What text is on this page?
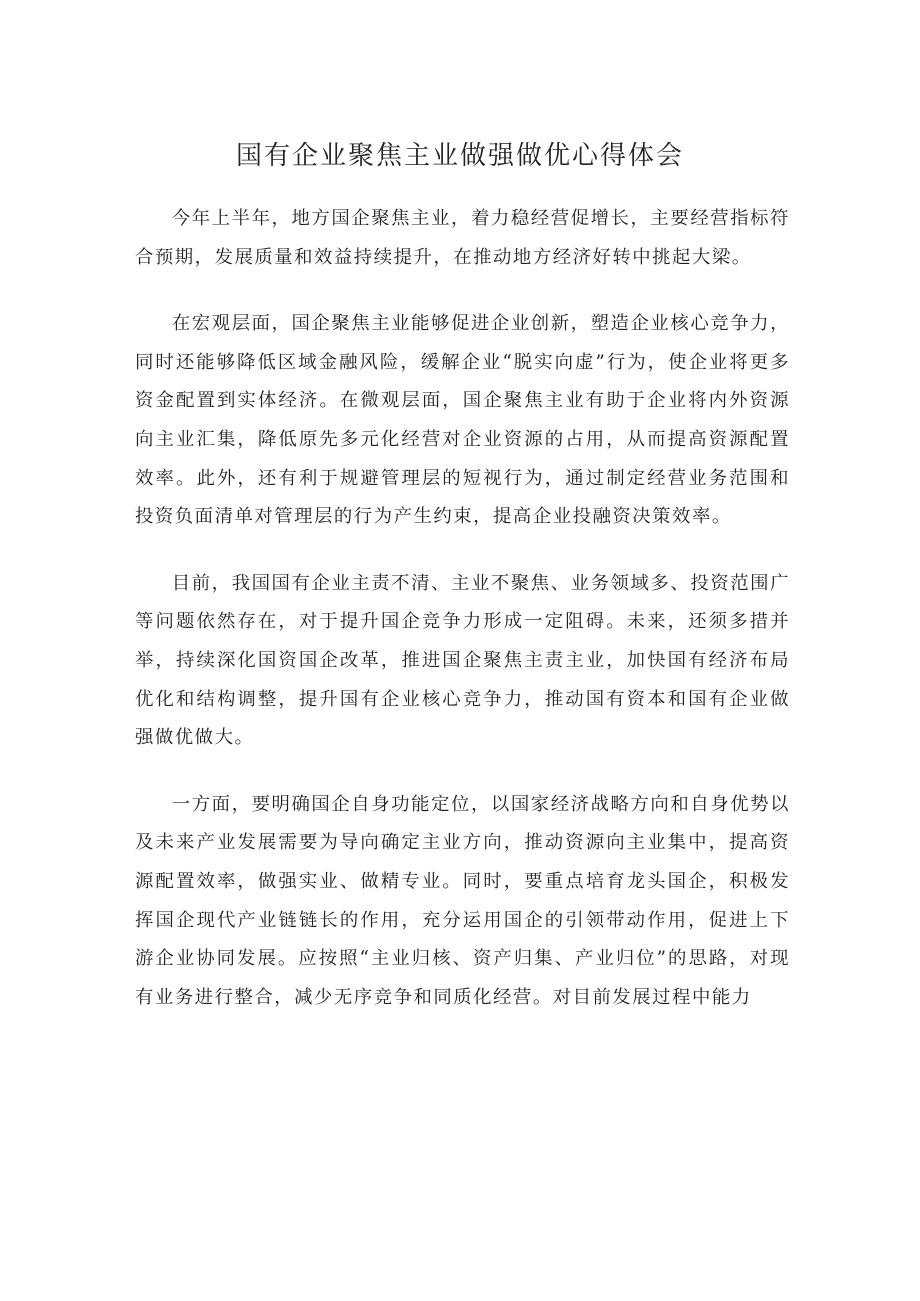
国有企业聚焦主业做强做优心得体会

今年上半年，地方国企聚焦主业，着力稳经营促增长，主要经营指标符合预期，发展质量和效益持续提升，在推动地方经济好转中挑起大梁。

在宏观层面，国企聚焦主业能够促进企业创新，塑造企业核心竞争力，同时还能够降低区域金融风险，缓解企业“脱实向虚”行为，使企业将更多资金配置到实体经济。在微观层面，国企聚焦主业有助于企业将内外资源向主业汇集，降低原先多元化经营对企业资源的占用，从而提高资源配置效率。此外，还有利于规避管理层的短视行为，通过制定经营业务范围和投资负面清单对管理层的行为产生约束，提高企业投融资决策效率。

目前，我国国有企业主责不清、主业不聚焦、业务领域多、投资范围广等问题依然存在，对于提升国企竞争力形成一定阻碍。未来，还须多措并举，持续深化国资国企改革，推进国企聚焦主责主业，加快国有经济布局优化和结构调整，提升国有企业核心竞争力，推动国有资本和国有企业做强做优做大。

一方面，要明确国企自身功能定位，以国家经济战略方向和自身优势以及未来产业发展需要为导向确定主业方向，推动资源向主业集中，提高资源配置效率，做强实业、做精专业。同时，要重点培育龙头国企，积极发挥国企现代产业链链长的作用，充分运用国企的引领带动作用，促进上下游企业协同发展。应按照“主业归核、资产归集、产业归位”的思路，对现有业务进行整合，减少无序竞争和同质化经营。对目前发展过程中能力
